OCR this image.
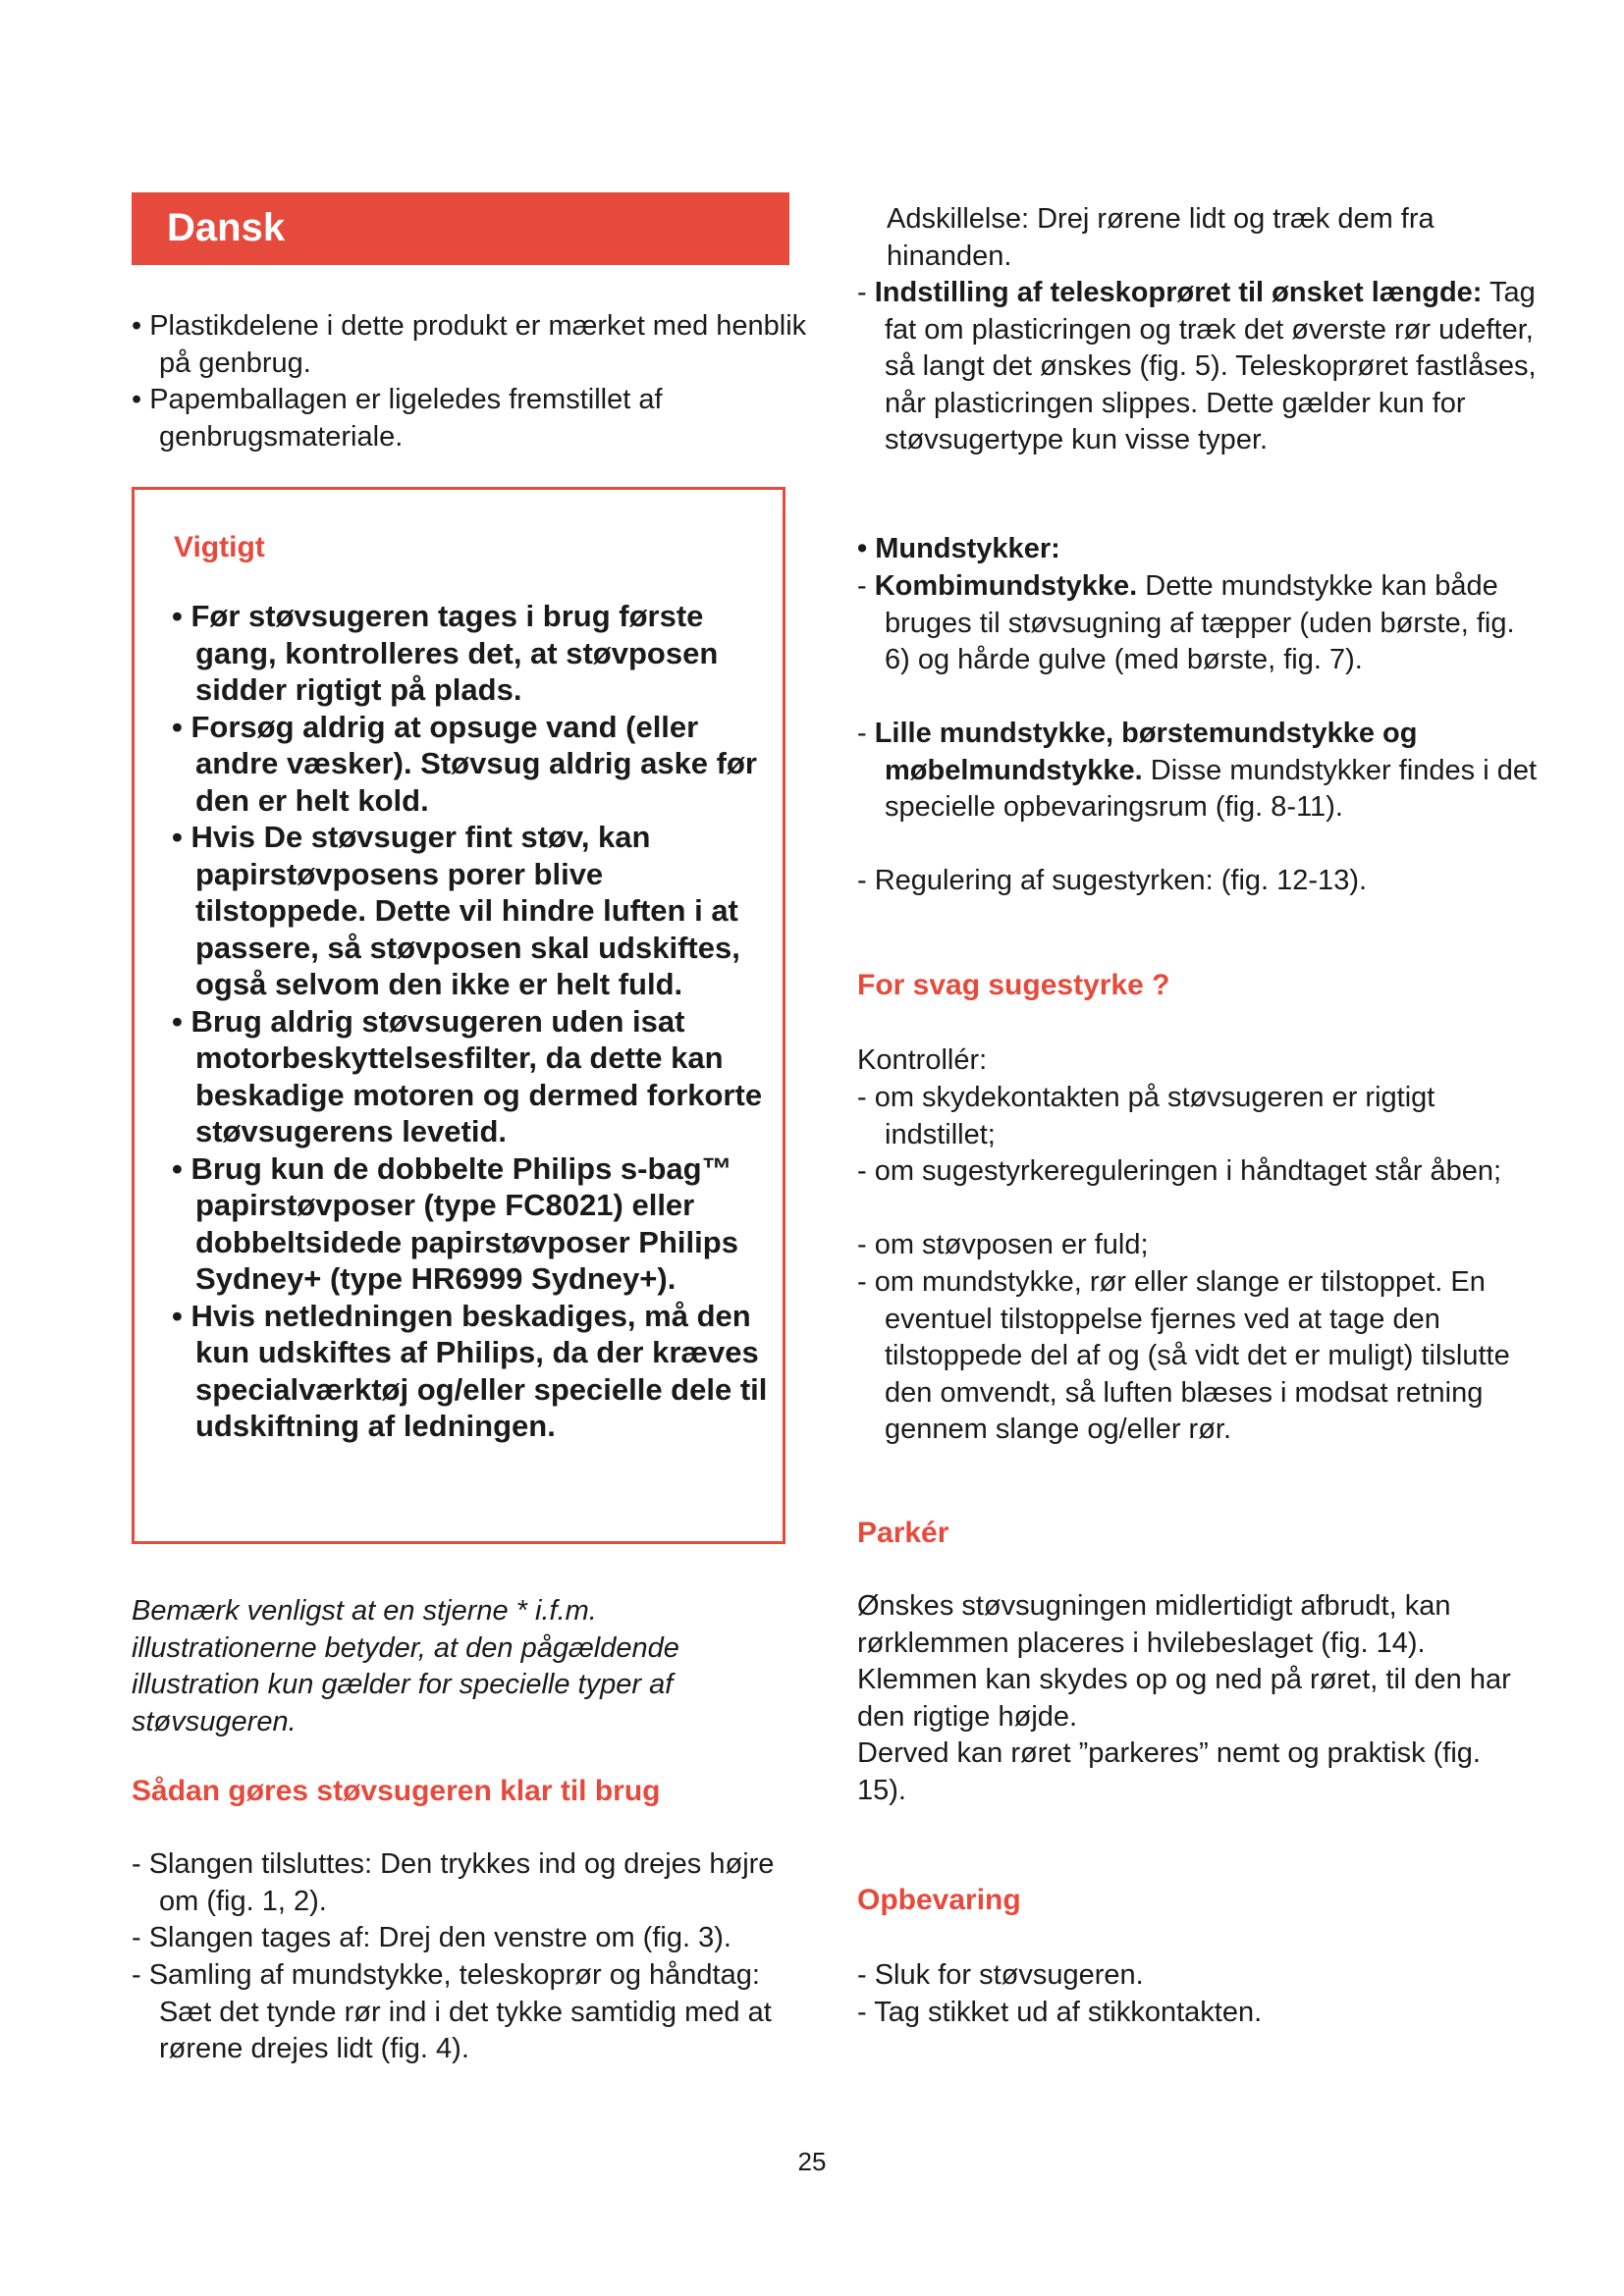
Dansk
• Plastikdelene i dette produkt er mærket med henblik på genbrug.
• Papemballagen er ligeledes fremstillet af genbrugsmateriale.
Vigtigt
• Før støvsugeren tages i brug første gang, kontrolleres det, at støvposen sidder rigtigt på plads.
• Forsøg aldrig at opsuge vand (eller andre væsker). Støvsug aldrig aske før den er helt kold.
• Hvis De støvsuger fint støv, kan papirstøvposens porer blive tilstoppede. Dette vil hindre luften i at passere, så støvposen skal udskiftes, også selvom den ikke er helt fuld.
• Brug aldrig støvsugeren uden isat motorbeskyttelsesfilter, da dette kan beskadige motoren og dermed forkorte støvsugerens levetid.
• Brug kun de dobbelte Philips s-bag™ papirstøvposer (type FC8021) eller dobbeltsidede papirstøvposer Philips Sydney+ (type HR6999 Sydney+).
• Hvis netledningen beskadiges, må den kun udskiftes af Philips, da der kræves specialværktøj og/eller specielle dele til udskiftning af ledningen.
Bemærk venligst at en stjerne * i.f.m. illustrationerne betyder, at den pågældende illustration kun gælder for specielle typer af støvsugeren.
Sådan gøres støvsugeren klar til brug
- Slangen tilsluttes: Den trykkes ind og drejes højre om (fig. 1, 2).
- Slangen tages af: Drej den venstre om (fig. 3).
- Samling af mundstykke, teleskoprør og håndtag: Sæt det tynde rør ind i det tykke samtidig med at rørene drejes lidt (fig. 4).
Adskillelse: Drej rørene lidt og træk dem fra hinanden.
- Indstilling af teleskoprøret til ønsket længde: Tag fat om plasticringen og træk det øverste rør udefter, så langt det ønskes (fig. 5). Teleskoprøret fastlåses, når plasticringen slippes. Dette gælder kun for støvsugertype kun visse typer.
• Mundstykker:
- Kombimundstykke. Dette mundstykke kan både bruges til støvsugning af tæpper (uden børste, fig. 6) og hårde gulve (med børste, fig. 7).
- Lille mundstykke, børstemundstykke og møbelmundstykke. Disse mundstykker findes i det specielle opbevaringsrum (fig. 8-11).
- Regulering af sugestyrken: (fig. 12-13).
For svag sugestyrke ?
Kontrollér:
- om skydekontakten på støvsugeren er rigtigt indstillet;
- om sugestyrkereguleringen i håndtaget står åben;
- om støvposen er fuld;
- om mundstykke, rør eller slange er tilstoppet. En eventuel tilstoppelse fjernes ved at tage den tilstoppede del af og (så vidt det er muligt) tilslutte den omvendt, så luften blæses i modsat retning gennem slange og/eller rør.
Parkér
Ønskes støvsugningen midlertidigt afbrudt, kan rørklemmen placeres i hvilebeslaget (fig. 14). Klemmen kan skydes op og ned på røret, til den har den rigtige højde.
Derved kan røret ”parkeres” nemt og praktisk (fig. 15).
Opbevaring
- Sluk for støvsugeren.
- Tag stikket ud af stikkontakten.
25
